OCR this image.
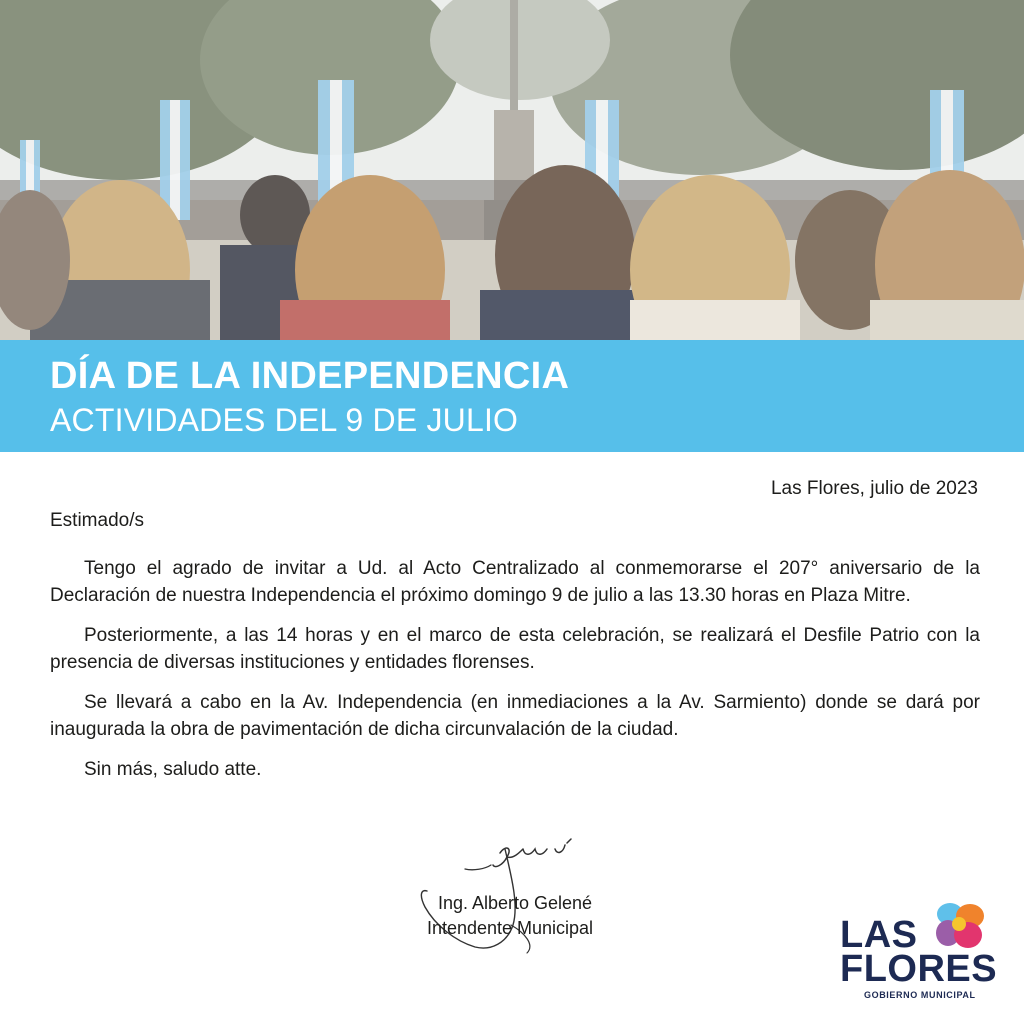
DÍA DE LA INDEPENDENCIA
ACTIVIDADES DEL 9 DE JULIO
Las Flores, julio de 2023
Estimado/s

Tengo el agrado de invitar a Ud. al Acto Centralizado al conmemorarse el 207° aniversario de la Declaración de nuestra Independencia el próximo domingo 9 de julio a las 13.30 horas en Plaza Mitre.

Posteriormente, a las 14 horas y en el marco de esta celebración, se realizará el Desfile Patrio con la presencia de diversas instituciones y entidades florenses.

Se llevará a cabo en la Av. Independencia (en inmediaciones a la Av. Sarmiento) donde se dará por inaugurada la obra de pavimentación de dicha circunvalación de la ciudad.

Sin más, saludo atte.

Ing. Alberto Gelené
Intendente Municipal	LAS
FLORES
GOBIERNO MUNICIPAL
